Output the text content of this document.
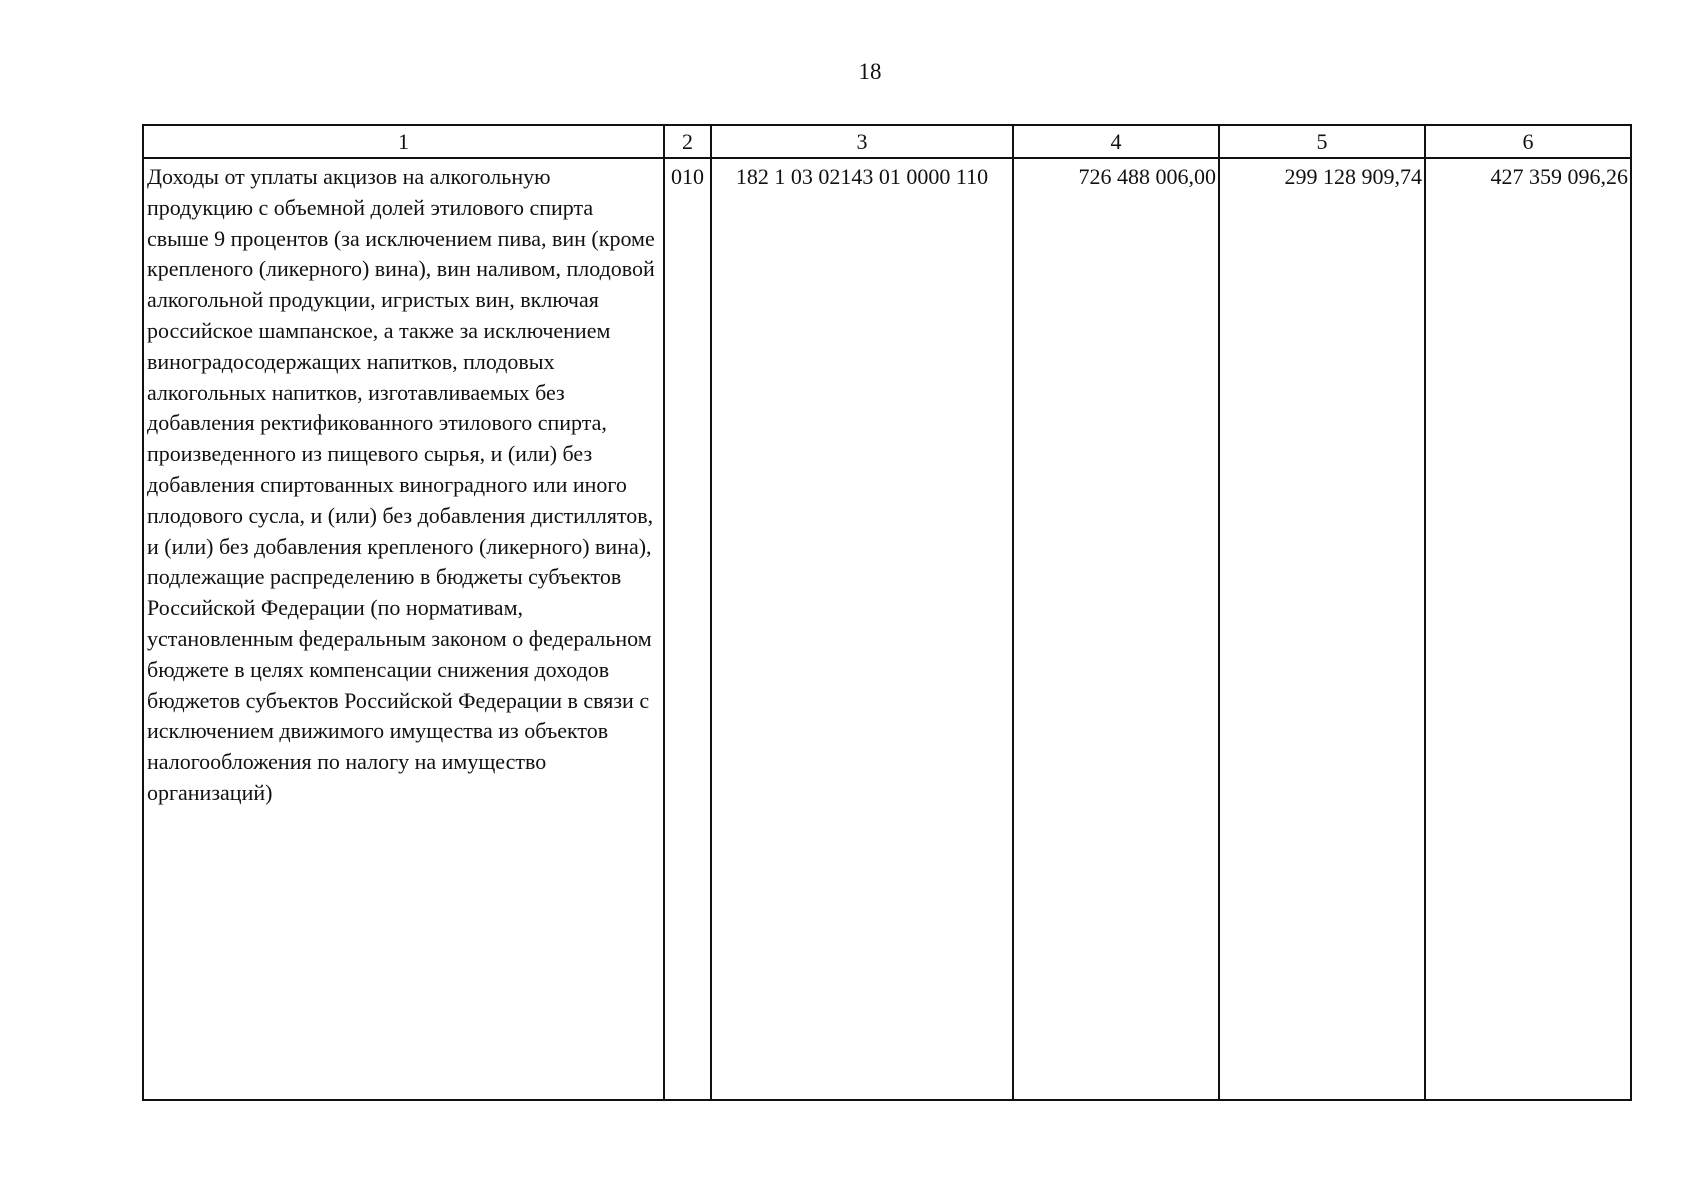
18
1	2	3	4	5	6
Доходы от уплаты акцизов на алкогольную продукцию с объемной долей этилового спирта свыше 9 процентов (за исключением пива, вин (кроме крепленого (ликерного) вина), вин наливом, плодовой алкогольной продукции, игристых вин, включая российское шампанское, а также за исключением виноградосодержащих напитков, плодовых алкогольных напитков, изготавливаемых без добавления ректификованного этилового спирта, произведенного из пищевого сырья, и (или) без добавления спиртованных виноградного или иного плодового сусла, и (или) без добавления дистиллятов, и (или) без добавления крепленого (ликерного) вина), подлежащие распределению в бюджеты субъектов Российской Федерации (по нормативам, установленным федеральным законом о федеральном бюджете в целях компенсации снижения доходов бюджетов субъектов Российской Федерации в связи с исключением движимого имущества из объектов налогообложения по налогу на имущество организаций)	010	182 1 03 02143 01 0000 110	726 488 006,00	299 128 909,74	427 359 096,26
